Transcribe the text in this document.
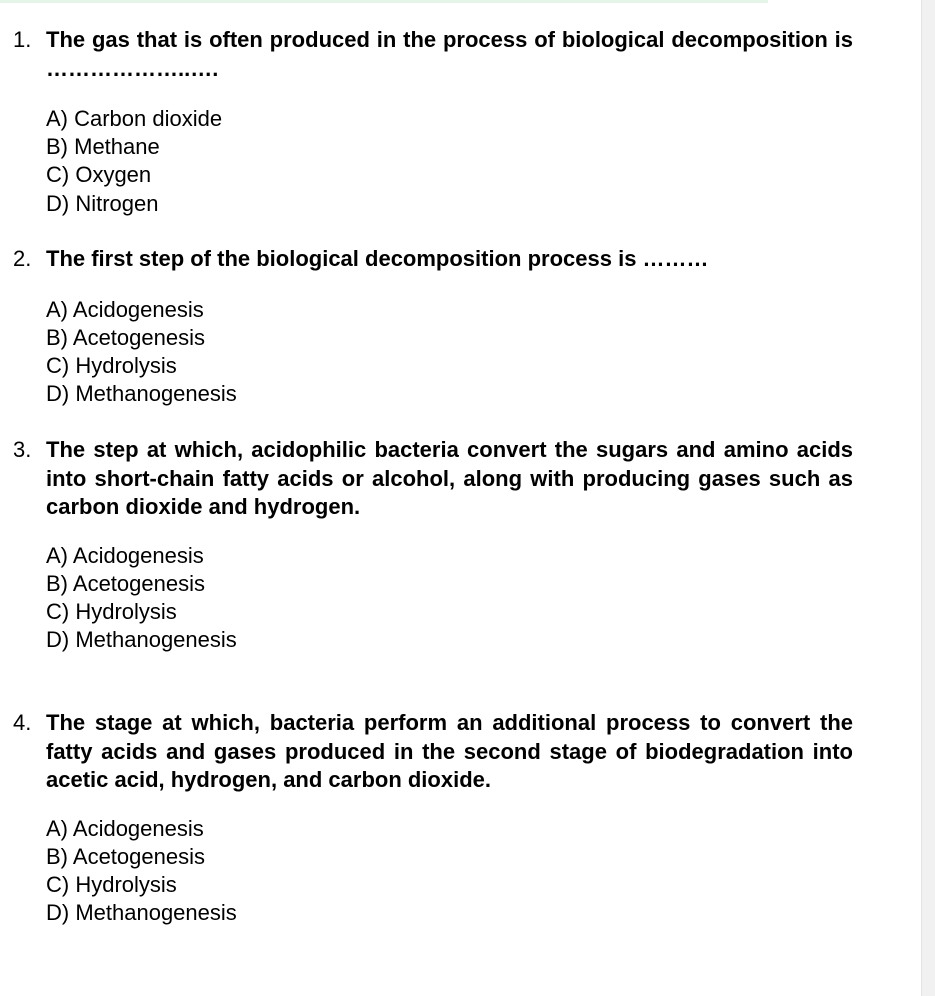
1. The gas that is often produced in the process of biological decomposition is ………………..….
A) Carbon dioxide
B) Methane
C) Oxygen
D) Nitrogen
2. The first step of the biological decomposition process is ………
A) Acidogenesis
B) Acetogenesis
C) Hydrolysis
D) Methanogenesis
3. The step at which, acidophilic bacteria convert the sugars and amino acids into short-chain fatty acids or alcohol, along with producing gases such as carbon dioxide and hydrogen.
A) Acidogenesis
B) Acetogenesis
C) Hydrolysis
D) Methanogenesis
4. The stage at which, bacteria perform an additional process to convert the fatty acids and gases produced in the second stage of biodegradation into acetic acid, hydrogen, and carbon dioxide.
A) Acidogenesis
B) Acetogenesis
C) Hydrolysis
D) Methanogenesis
